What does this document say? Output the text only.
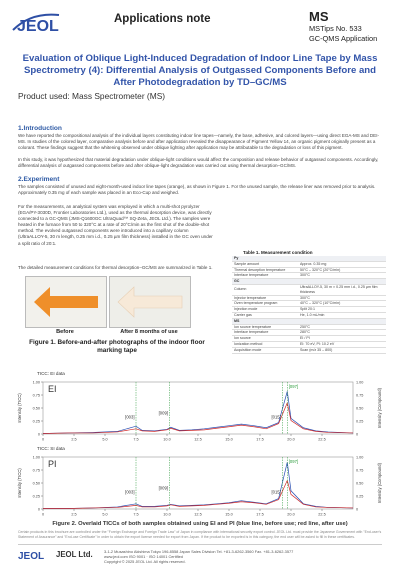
JEOL	Applications note	MS
MSTips No. 533
GC-QMS Application
Evaluation of Oblique Light-Induced Degradation of Indoor Line Tape by Mass Spectrometry (4): Differential Analysis of Outgassed Components Before and After Photodegradation by TD–GC/MS
Product used: Mass Spectrometer (MS)
1.Introduction
We have reported the compositional analysis of the individual layers constituting indoor line tapes—namely, the base, adhesive, and colored layers—using direct EGA-MS and DEI-MS. In studies of the colored layer, comparative analysis before and after application revealed the disappearance of Pigment Yellow 14, an organic pigment originally present as a colorant. These findings suggest that the whitening observed under oblique lighting after application may be attributable to the degradation or loss of this pigment.
In this study, it was hypothesized that material degradation under oblique-light conditions would affect the composition and release behavior of outgassed components. Accordingly, differential analysis of outgassed components before and after oblique-light degradation was carried out using thermal desorption–GC/MS.
2.Experiment
The samples consisted of unused and eight-month-used indoor line tapes (orange), as shown in Figure 1. For the unused sample, the release liner was removed prior to analysis. Approximately 0.35 mg of each sample was placed in an Eco-Cup and weighed.
For the measurements, an analytical system was employed in which a multi-shot pyrolyzer (EGA/PY-3030D, Frontier Laboratories Ltd.), used as the thermal desorption device, was directly connected to a GC-QMS (JMS-Q1600GC UltraQuad™ SQ-Zeta, JEOL Ltd.). The samples were heated in the furnace from 50 to 320°C at a rate of 20°C/min as the first shot of the double-shot method. The evolved outgassed components were introduced into a capillary column (UltraALLOY-5, 30 m length, 0.25 mm i.d., 0.25 µm film thickness) installed in the GC oven under a split ratio of 20:1.
The detailed measurement conditions for thermal desorption–GC/MS are summarized in Table 1.
Before	After 8 months of use
Figure 1. Before-and-after photographs of the indoor floor marking tape
Table 1. Measurement condition
Py	
Sample amount	Approx. 0.35 mg
Thermal desorption temperature	50°C – 320°C (20°C/min)
Interface temperature	300°C
GC	
Column	UltraALLOY-5, 30 m × 0.25 mm i.d., 0.25 µm film thickness
Injector temperature	300°C
Oven temperature program	40°C – 320°C (10°C/min)
Injection mode	Split 20:1
Carrier gas	He, 1.0 mL/min
MS	
Ion source temperature	250°C
Interface temperature	280°C
Ion source	EI / PI
Ionization method	EI: 70 eV, PI: 10.2 eV
Acquisition mode	Scan (m/z 35 – 800)
TICC: EI data
0	0
0.25	0.25
0.50	0.50
0.75	0.75
1.00	1.00
0	2.5	5.0	7.5	10.0	12.5	15.0	17.5	20.0	22.5
Intensity (TICC)	Intensity (Compound)
EI
[003]
[009]
[015]
[097]
TICC: SI data
0	0
0.25	0.25
0.50	0.50
0.75	0.75
1.00	1.00
0	2.5	5.0	7.5	10.0	12.5	15.0	17.5	20.0	22.5
Intensity (TICC)	Intensity (Compound)
PI
[003]
[009]
[015]
[097]
Figure 2. Overlaid TICCs of both samples obtained using EI and PI (blue line, before use; red line, after use)
Certain products in this brochure are controlled under the "Foreign Exchange and Foreign Trade Law" of Japan in compliance with international security export control. JEOL Ltd. must provide the Japanese Government with "End-user's Statement of Assurance" and "End-use Certificate" in order to obtain the export license needed for export from Japan. If the product to be exported is in this category, the end user will be asked to fill in these certificates.
JEOL JEOL Ltd.	3-1-2 Musashino Akishima Tokyo 196-8558 Japan Sales Division Tel. +81-3-6262-3560 Fax. +81-3-6262-3577
www.jeol.com ISO 9001 · ISO 14001 Certified
Copyright © 2025 JEOL Ltd. All rights reserved.
